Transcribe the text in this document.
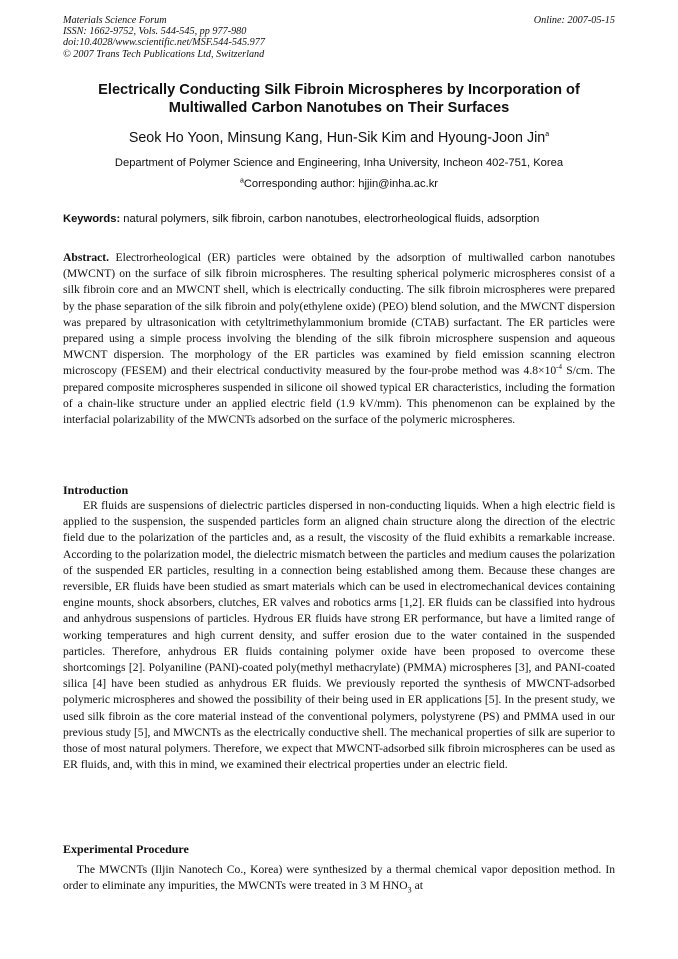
Materials Science Forum
ISSN: 1662-9752, Vols. 544-545, pp 977-980
doi:10.4028/www.scientific.net/MSF.544-545.977
© 2007 Trans Tech Publications Ltd, Switzerland
Online: 2007-05-15
Electrically Conducting Silk Fibroin Microspheres by Incorporation of
Multiwalled Carbon Nanotubes on Their Surfaces
Seok Ho Yoon, Minsung Kang, Hun-Sik Kim and Hyoung-Joon Jin$^a$
Department of Polymer Science and Engineering, Inha University, Incheon 402-751, Korea
$^a$Corresponding author: hjjin@inha.ac.kr
Keywords: natural polymers, silk fibroin, carbon nanotubes, electrorheological fluids, adsorption
Abstract. Electrorheological (ER) particles were obtained by the adsorption of multiwalled carbon nanotubes (MWCNT) on the surface of silk fibroin microspheres. The resulting spherical polymeric microspheres consist of a silk fibroin core and an MWCNT shell, which is electrically conducting. The silk fibroin microspheres were prepared by the phase separation of the silk fibroin and poly(ethylene oxide) (PEO) blend solution, and the MWCNT dispersion was prepared by ultrasonication with cetyltrimethylammonium bromide (CTAB) surfactant. The ER particles were prepared using a simple process involving the blending of the silk fibroin microsphere suspension and aqueous MWCNT dispersion. The morphology of the ER particles was examined by field emission scanning electron microscopy (FESEM) and their electrical conductivity measured by the four-probe method was $4.8\times 10^{-4}$ S/cm. The prepared composite microspheres suspended in silicone oil showed typical ER characteristics, including the formation of a chain-like structure under an applied electric field (1.9 kV/mm). This phenomenon can be explained by the interfacial polarizability of the MWCNTs adsorbed on the surface of the polymeric microspheres.
Introduction
ER fluids are suspensions of dielectric particles dispersed in non-conducting liquids. When a high electric field is applied to the suspension, the suspended particles form an aligned chain structure along the direction of the electric field due to the polarization of the particles and, as a result, the viscosity of the fluid exhibits a remarkable increase. According to the polarization model, the dielectric mismatch between the particles and medium causes the polarization of the suspended ER particles, resulting in a connection being established among them. Because these changes are reversible, ER fluids have been studied as smart materials which can be used in electromechanical devices containing engine mounts, shock absorbers, clutches, ER valves and robotics arms [1,2]. ER fluids can be classified into hydrous and anhydrous suspensions of particles. Hydrous ER fluids have strong ER performance, but have a limited range of working temperatures and high current density, and suffer erosion due to the water contained in the suspended particles. Therefore, anhydrous ER fluids containing polymer oxide have been proposed to overcome these shortcomings [2]. Polyaniline (PANI)-coated poly(methyl methacrylate) (PMMA) microspheres [3], and PANI-coated silica [4] have been studied as anhydrous ER fluids. We previously reported the synthesis of MWCNT-adsorbed polymeric microspheres and showed the possibility of their being used in ER applications [5]. In the present study, we used silk fibroin as the core material instead of the conventional polymers, polystyrene (PS) and PMMA used in our previous study [5], and MWCNTs as the electrically conductive shell. The mechanical properties of silk are superior to those of most natural polymers. Therefore, we expect that MWCNT-adsorbed silk fibroin microspheres can be used as ER fluids, and, with this in mind, we examined their electrical properties under an electric field.
Experimental Procedure
The MWCNTs (Iljin Nanotech Co., Korea) were synthesized by a thermal chemical vapor deposition method. In order to eliminate any impurities, the MWCNTs were treated in 3 M $HNO_3$ at
